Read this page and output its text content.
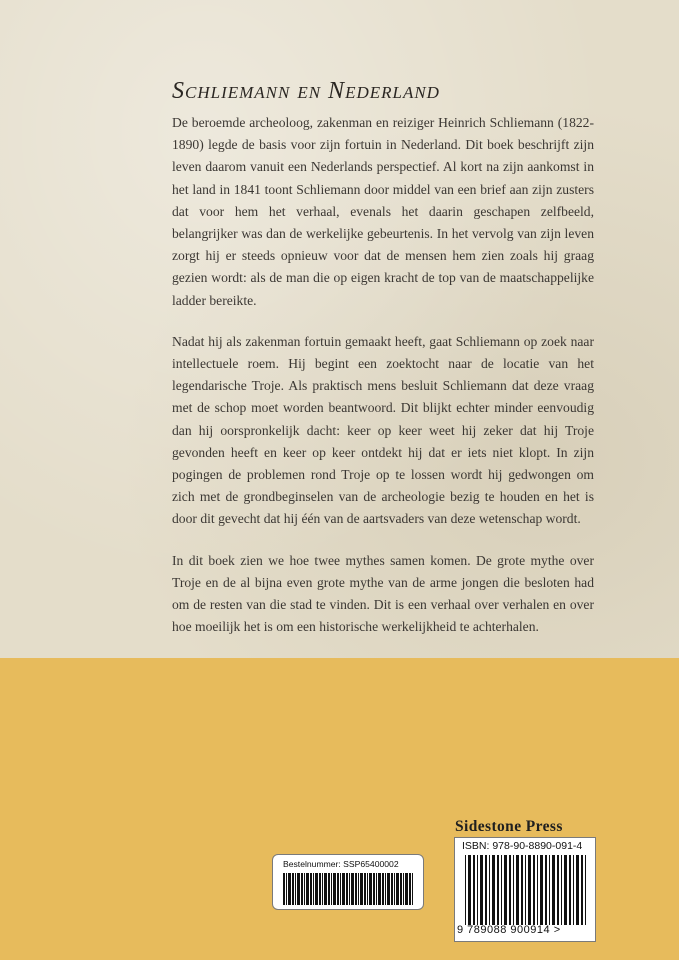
Schliemann en Nederland

De beroemde archeoloog, zakenman en reiziger Heinrich Schliemann (1822-1890) legde de basis voor zijn fortuin in Nederland. Dit boek beschrijft zijn leven daarom vanuit een Nederlands perspectief. Al kort na zijn aankomst in het land in 1841 toont Schliemann door middel van een brief aan zijn zusters dat voor hem het verhaal, evenals het daarin geschapen zelfbeeld, belangrijker was dan de werkelijke gebeurtenis. In het vervolg van zijn leven zorgt hij er steeds opnieuw voor dat de mensen hem zien zoals hij graag gezien wordt: als de man die op eigen kracht de top van de maatschappelijke ladder bereikte.

Nadat hij als zakenman fortuin gemaakt heeft, gaat Schliemann op zoek naar intellectuele roem. Hij begint een zoektocht naar de locatie van het legendarische Troje. Als praktisch mens besluit Schliemann dat deze vraag met de schop moet worden beantwoord. Dit blijkt echter minder eenvoudig dan hij oorspronkelijk dacht: keer op keer weet hij zeker dat hij Troje gevonden heeft en keer op keer ontdekt hij dat er iets niet klopt. In zijn pogingen de problemen rond Troje op te lossen wordt hij gedwongen om zich met de grondbeginselen van de archeologie bezig te houden en het is door dit gevecht dat hij één van de aartsvaders van deze wetenschap wordt.

In dit boek zien we hoe twee mythes samen komen. De grote mythe over Troje en de al bijna even grote mythe van de arme jongen die besloten had om de resten van die stad te vinden. Dit is een verhaal over verhalen en over hoe moeilijk het is om een historische werkelijkheid te achterhalen.

Sidestone Press
Bestelnummer: SSP65400002
ISBN: 978-90-8890-091-4
9 789088 900914 >
